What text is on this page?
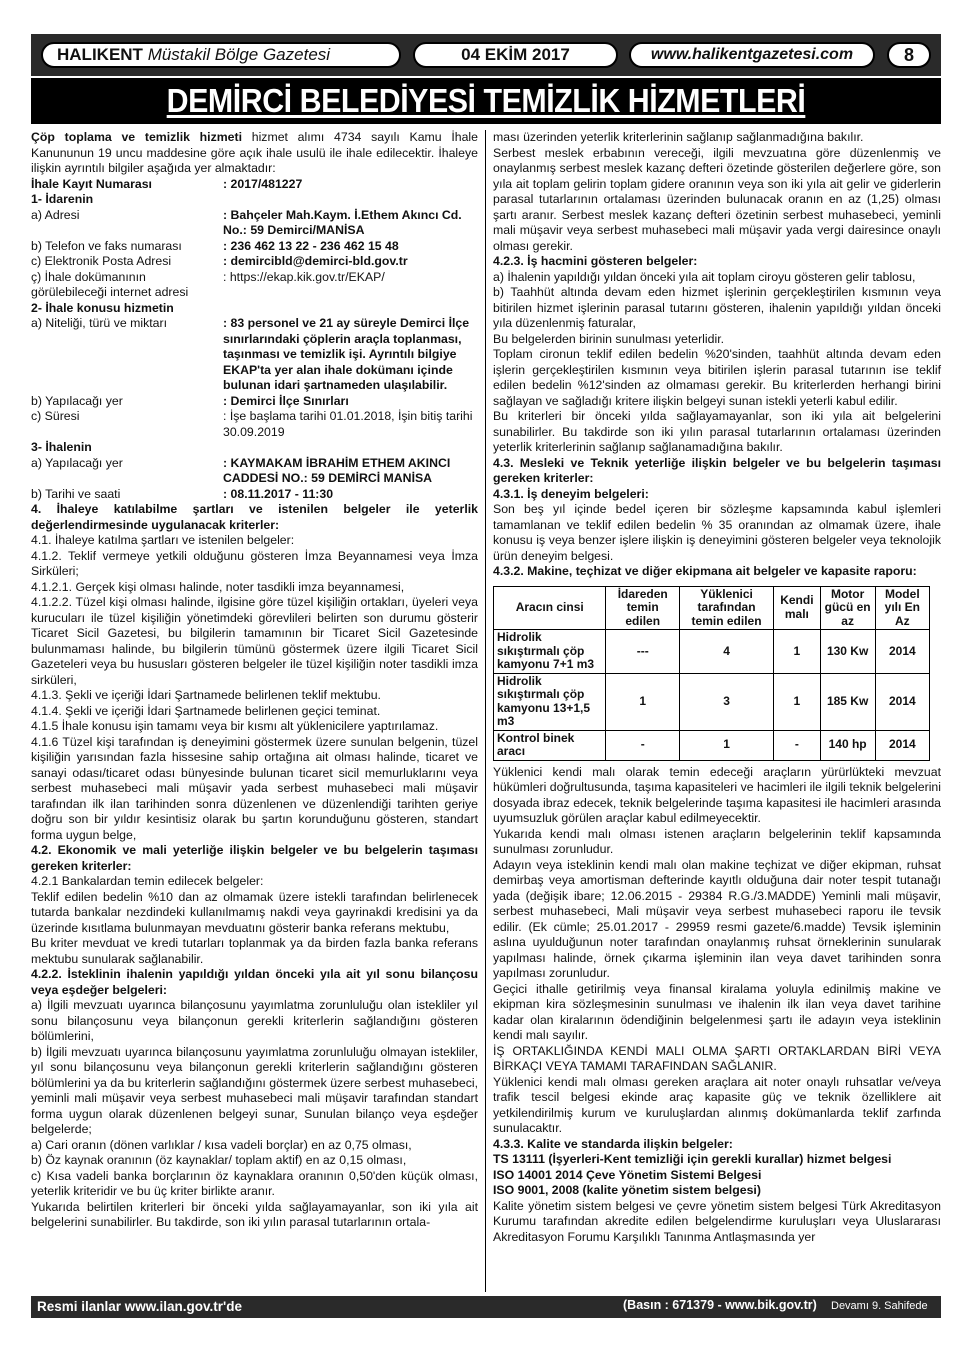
HALIKENT Müstakil Bölge Gazetesi	04 EKİM 2017	www.halikentgazetesi.com	8
DEMİRCİ BELEDİYESİ TEMİZLİK HİZMETLERİ

Çöp toplama ve temizlik hizmeti hizmet alımı 4734 sayılı Kamu İhale Kanununun 19 uncu maddesine göre açık ihale usulü ile ihale edilecektir. İhaleye ilişkin ayrıntılı bilgiler aşağıda yer almaktadır:

İhale Kayıt Numarası	: 2017/481227

1- İdarenin

a) Adresi	: Bahçeler Mah.Kaym. İ.Ethem Akıncı Cd. No.: 59 Demirci/MANİSA
b) Telefon ve faks numarası	: 236 462 13 22 - 236 462 15 48
c) Elektronik Posta Adresi	: demircibld@demirci-bld.gov.tr
ç) İhale dokümanının görülebileceği internet adresi
: https://ekap.kik.gov.tr/EKAP/

2- İhale konusu hizmetin

a) Niteliği, türü ve miktarı	: 83 personel ve 21 ay süreyle Demirci İlçe sınırlarındaki çöplerin araçla toplanması, taşınması ve temizlik işi. Ayrıntılı bilgiye EKAP'ta yer alan ihale dokümanı içinde bulunan idari şartnameden ulaşılabilir.
b) Yapılacağı yer	: Demirci İlçe Sınırları
c) Süresi	: İşe başlama tarihi 01.01.2018, İşin bitiş tarihi 30.09.2019

3- İhalenin

a) Yapılacağı yer	: KAYMAKAM İBRAHİM ETHEM AKINCI CADDESİ NO.: 59 DEMİRCİ MANİSA
b) Tarihi ve saati	: 08.11.2017 - 11:30

4. İhaleye katılabilme şartları ve istenilen belgeler ile yeterlik değerlendirmesinde uygulanacak kriterler:

4.1. İhaleye katılma şartları ve istenilen belgeler:

4.1.2. Teklif vermeye yetkili olduğunu gösteren İmza Beyannamesi veya İmza Sirküleri;

4.1.2.1. Gerçek kişi olması halinde, noter tasdikli imza beyannamesi,

4.1.2.2. Tüzel kişi olması halinde, ilgisine göre tüzel kişiliğin ortakları, üyeleri veya kurucuları ile tüzel kişiliğin yönetimdeki görevlileri belirten son durumu gösterir Ticaret Sicil Gazetesi, bu bilgilerin tamamının bir Ticaret Sicil Gazetesinde bulunmaması halinde, bu bilgilerin tümünü göstermek üzere ilgili Ticaret Sicil Gazeteleri veya bu hususları gösteren belgeler ile tüzel kişiliğin noter tasdikli imza sirküleri,

4.1.3. Şekli ve içeriği İdari Şartnamede belirlenen teklif mektubu.

4.1.4. Şekli ve içeriği İdari Şartnamede belirlenen geçici teminat.

4.1.5 İhale konusu işin tamamı veya bir kısmı alt yüklenicilere yaptırılamaz.

4.1.6 Tüzel kişi tarafından iş deneyimini göstermek üzere sunulan belgenin, tüzel kişiliğin yarısından fazla hissesine sahip ortağına ait olması halinde, ticaret ve sanayi odası/ticaret odası bünyesinde bulunan ticaret sicil memurluklarını veya serbest muhasebeci mali müşavir yada serbest muhasebeci mali müşavir tarafından ilk ilan tarihinden sonra düzenlenen ve düzenlendiği tarihten geriye doğru son bir yıldır kesintisiz olarak bu şartın korunduğunu gösteren, standart forma uygun belge,

4.2. Ekonomik ve mali yeterliğe ilişkin belgeler ve bu belgelerin taşıması gereken kriterler:

4.2.1 Bankalardan temin edilecek belgeler:

Teklif edilen bedelin %10 dan az olmamak üzere istekli tarafından belirlenecek tutarda bankalar nezdindeki kullanılmamış nakdi veya gayrinakdi kredisini ya da üzerinde kısıtlama bulunmayan mevduatını gösterir banka referans mektubu,

Bu kriter mevduat ve kredi tutarları toplanmak ya da birden fazla banka referans mektubu sunularak sağlanabilir.

4.2.2. İsteklinin ihalenin yapıldığı yıldan önceki yıla ait yıl sonu bilançosu veya eşdeğer belgeleri:

a) İlgili mevzuatı uyarınca bilançosunu yayımlatma zorunluluğu olan istekliler yıl sonu bilançosunu veya bilançonun gerekli kriterlerin sağlandığını gösteren bölümlerini,

b) İlgili mevzuatı uyarınca bilançosunu yayımlatma zorunluluğu olmayan istekliler, yıl sonu bilançosunu veya bilançonun gerekli kriterlerin sağlandığını gösteren bölümlerini ya da bu kriterlerin sağlandığını göstermek üzere serbest muhasebeci, yeminli mali müşavir veya serbest muhasebeci mali müşavir tarafından standart forma uygun olarak düzenlenen belgeyi sunar, Sunulan bilanço veya eşdeğer belgelerde;

a) Cari oranın (dönen varlıklar / kısa vadeli borçlar) en az 0,75 olması,

b) Öz kaynak oranının (öz kaynaklar/ toplam aktif) en az 0,15 olması,

c) Kısa vadeli banka borçlarının öz kaynaklara oranının 0,50'den küçük olması, yeterlik kriteridir ve bu üç kriter birlikte aranır.

Yukarıda belirtilen kriterleri bir önceki yılda sağlayamayanlar, son iki yıla ait belgelerini sunabilirler. Bu takdirde, son iki yılın parasal tutarlarının ortala-

ması üzerinden yeterlik kriterlerinin sağlanıp sağlanmadığına bakılır.

Serbest meslek erbabının vereceği, ilgili mevzuatına göre düzenlenmiş ve onaylanmış serbest meslek kazanç defteri özetinde gösterilen değerlere göre, son yıla ait toplam gelirin toplam gidere oranının veya son iki yıla ait gelir ve giderlerin parasal tutarlarının ortalaması üzerinden bulunacak oranın en az (1,25) olması şartı aranır. Serbest meslek kazanç defteri özetinin serbest muhasebeci, yeminli mali müşavir veya serbest muhasebeci mali müşavir yada vergi dairesince onaylı olması gerekir.

4.2.3. İş hacmini gösteren belgeler:

a) İhalenin yapıldığı yıldan önceki yıla ait toplam ciroyu gösteren gelir tablosu,

b) Taahhüt altında devam eden hizmet işlerinin gerçekleştirilen kısmının veya bitirilen hizmet işlerinin parasal tutarını gösteren, ihalenin yapıldığı yıldan önceki yıla düzenlenmiş faturalar,

Bu belgelerden birinin sunulması yeterlidir.

Toplam cironun teklif edilen bedelin %20'sinden, taahhüt altında devam eden işlerin gerçekleştirilen kısmının veya bitirilen işlerin parasal tutarının ise teklif edilen bedelin %12'sinden az olmaması gerekir. Bu kriterlerden herhangi birini sağlayan ve sağladığı kritere ilişkin belgeyi sunan istekli yeterli kabul edilir.

Bu kriterleri bir önceki yılda sağlayamayanlar, son iki yıla ait belgelerini sunabilirler. Bu takdirde son iki yılın parasal tutarlarının ortalaması üzerinden yeterlik kriterlerinin sağlanıp sağlanamadığına bakılır.

4.3. Mesleki ve Teknik yeterliğe ilişkin belgeler ve bu belgelerin taşıması gereken kriterler:

4.3.1. İş deneyim belgeleri:

Son beş yıl içinde bedel içeren bir sözleşme kapsamında kabul işlemleri tamamlanan ve teklif edilen bedelin % 35 oranından az olmamak üzere, ihale konusu iş veya benzer işlere ilişkin iş deneyimini gösteren belgeler veya teknolojik ürün deneyim belgesi.

4.3.2. Makine, teçhizat ve diğer ekipmana ait belgeler ve kapasite raporu:

Aracın cinsi	İdareden temin edilen	Yüklenici tarafından temin edilen	Kendi malı	Motor gücü en az	Model yılı En Az
Hidrolik sıkıştırmalı çöp kamyonu 7+1 m3	---	4	1	130 Kw	2014
Hidrolik sıkıştırmalı çöp kamyonu 13+1,5 m3	1	3	1	185 Kw	2014
Kontrol binek aracı	-	1	-	140 hp	2014

Yüklenici kendi malı olarak temin edeceği araçların yürürlükteki mevzuat hükümleri doğrultusunda, taşıma kapasiteleri ve hacimleri ile ilgili teknik belgelerini dosyada ibraz edecek, teknik belgelerinde taşıma kapasitesi ile hacimleri arasında uyumsuzluk görülen araçlar kabul edilmeyecektir.

Yukarıda kendi malı olması istenen araçların belgelerinin teklif kapsamında sunulması zorunludur.

Adayın veya isteklinin kendi malı olan makine teçhizat ve diğer ekipman, ruhsat demirbaş veya amortisman defterinde kayıtlı olduğuna dair noter tespit tutanağı yada (değişik ibare; 12.06.2015 - 29384 R.G./3.MADDE) Yeminli mali müşavir, serbest muhasebeci, Mali müşavir veya serbest muhasebeci raporu ile tevsik edilir. (Ek cümle; 25.01.2017 - 29959 resmi gazete/6.madde) Tevsik işleminin aslına uyulduğunun noter tarafından onaylanmış ruhsat örneklerinin sunularak yapılması halinde, örnek çıkarma işleminin ilan veya davet tarihinden sonra yapılması zorunludur.

Geçici ithalle getirilmiş veya finansal kiralama yoluyla edinilmiş makine ve ekipman kira sözleşmesinin sunulması ve ihalenin ilk ilan veya davet tarihine kadar olan kiralarının ödendiğinin belgelenmesi şartı ile adayın veya isteklinin kendi malı sayılır.

İŞ ORTAKLIĞINDA KENDİ MALI OLMA ŞARTI ORTAKLARDAN BİRİ VEYA BİRKAÇI VEYA TAMAMI TARAFINDAN SAĞLANIR.

Yüklenici kendi malı olması gereken araçlara ait noter onaylı ruhsatlar ve/veya trafik tescil belgesi ekinde araç kapasite güç ve teknik özelliklere ait yetkilendirilmiş kurum ve kuruluşlardan alınmış dokümanlarda teklif zarfında sunulacaktır.

4.3.3. Kalite ve standarda ilişkin belgeler:

TS 13111 (İşyerleri-Kent temizliği için gerekli kurallar) hizmet belgesi

ISO 14001 2014 Çeve Yönetim Sistemi Belgesi

ISO 9001, 2008 (kalite yönetim sistem belgesi)

Kalite yönetim sistem belgesi ve çevre yönetim sistem belgesi Türk Akreditasyon Kurumu tarafından akredite edilen belgelendirme kuruluşları veya Uluslararası Akreditasyon Forumu Karşılıklı Tanınma Antlaşmasında yer

Resmi ilanlar www.ilan.gov.tr'de	(Basın : 671379 - www.bik.gov.tr) Devamı 9. Sahifede
